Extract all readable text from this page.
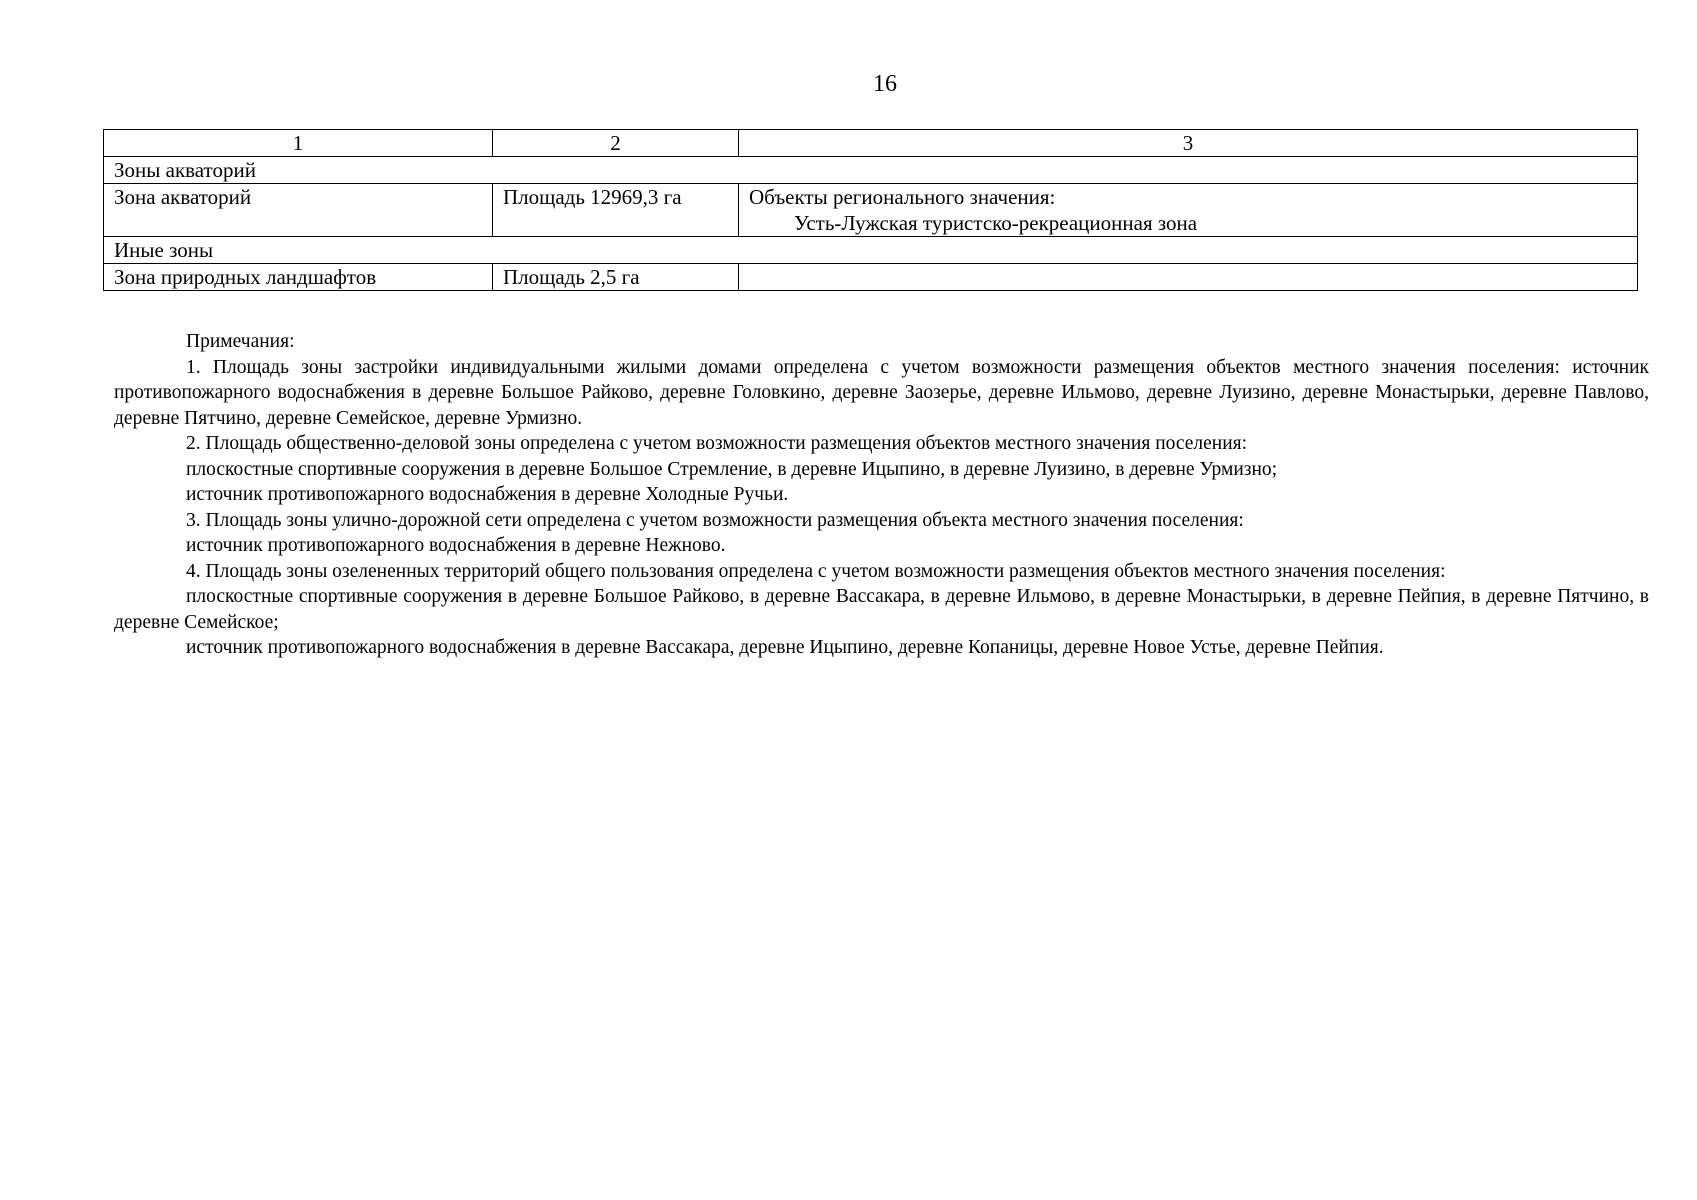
16
1	2	3
Зоны акваторий		
Зона акваторий	Площадь 12969,3 га	Объекты регионального значения:
Усть-Лужская туристско-рекреационная зона

Иные зоны		
Зона природных ландшафтов	Площадь 2,5 га	

Примечания:

1. Площадь зоны застройки индивидуальными жилыми домами определена с учетом возможности размещения объектов местного значения поселения: источник противопожарного водоснабжения в деревне Большое Райково, деревне Головкино, деревне Заозерье, деревне Ильмово, деревне Луизино, деревне Монастырьки, деревне Павлово, деревне Пятчино, деревне Семейское, деревне Урмизно.

2. Площадь общественно-деловой зоны определена с учетом возможности размещения объектов местного значения поселения:

плоскостные спортивные сооружения в деревне Большое Стремление, в деревне Ицыпино, в деревне Луизино, в деревне Урмизно;

источник противопожарного водоснабжения в деревне Холодные Ручьи.

3. Площадь зоны улично-дорожной сети определена с учетом возможности размещения объекта местного значения поселения:

источник противопожарного водоснабжения в деревне Нежново.

4. Площадь зоны озелененных территорий общего пользования определена с учетом возможности размещения объектов местного значения поселения:

плоскостные спортивные сооружения в деревне Большое Райково, в деревне Вассакара, в деревне Ильмово, в деревне Монастырьки, в деревне Пейпия, в деревне Пятчино, в деревне Семейское;

источник противопожарного водоснабжения в деревне Вассакара, деревне Ицыпино, деревне Копаницы, деревне Новое Устье, деревне Пейпия.
